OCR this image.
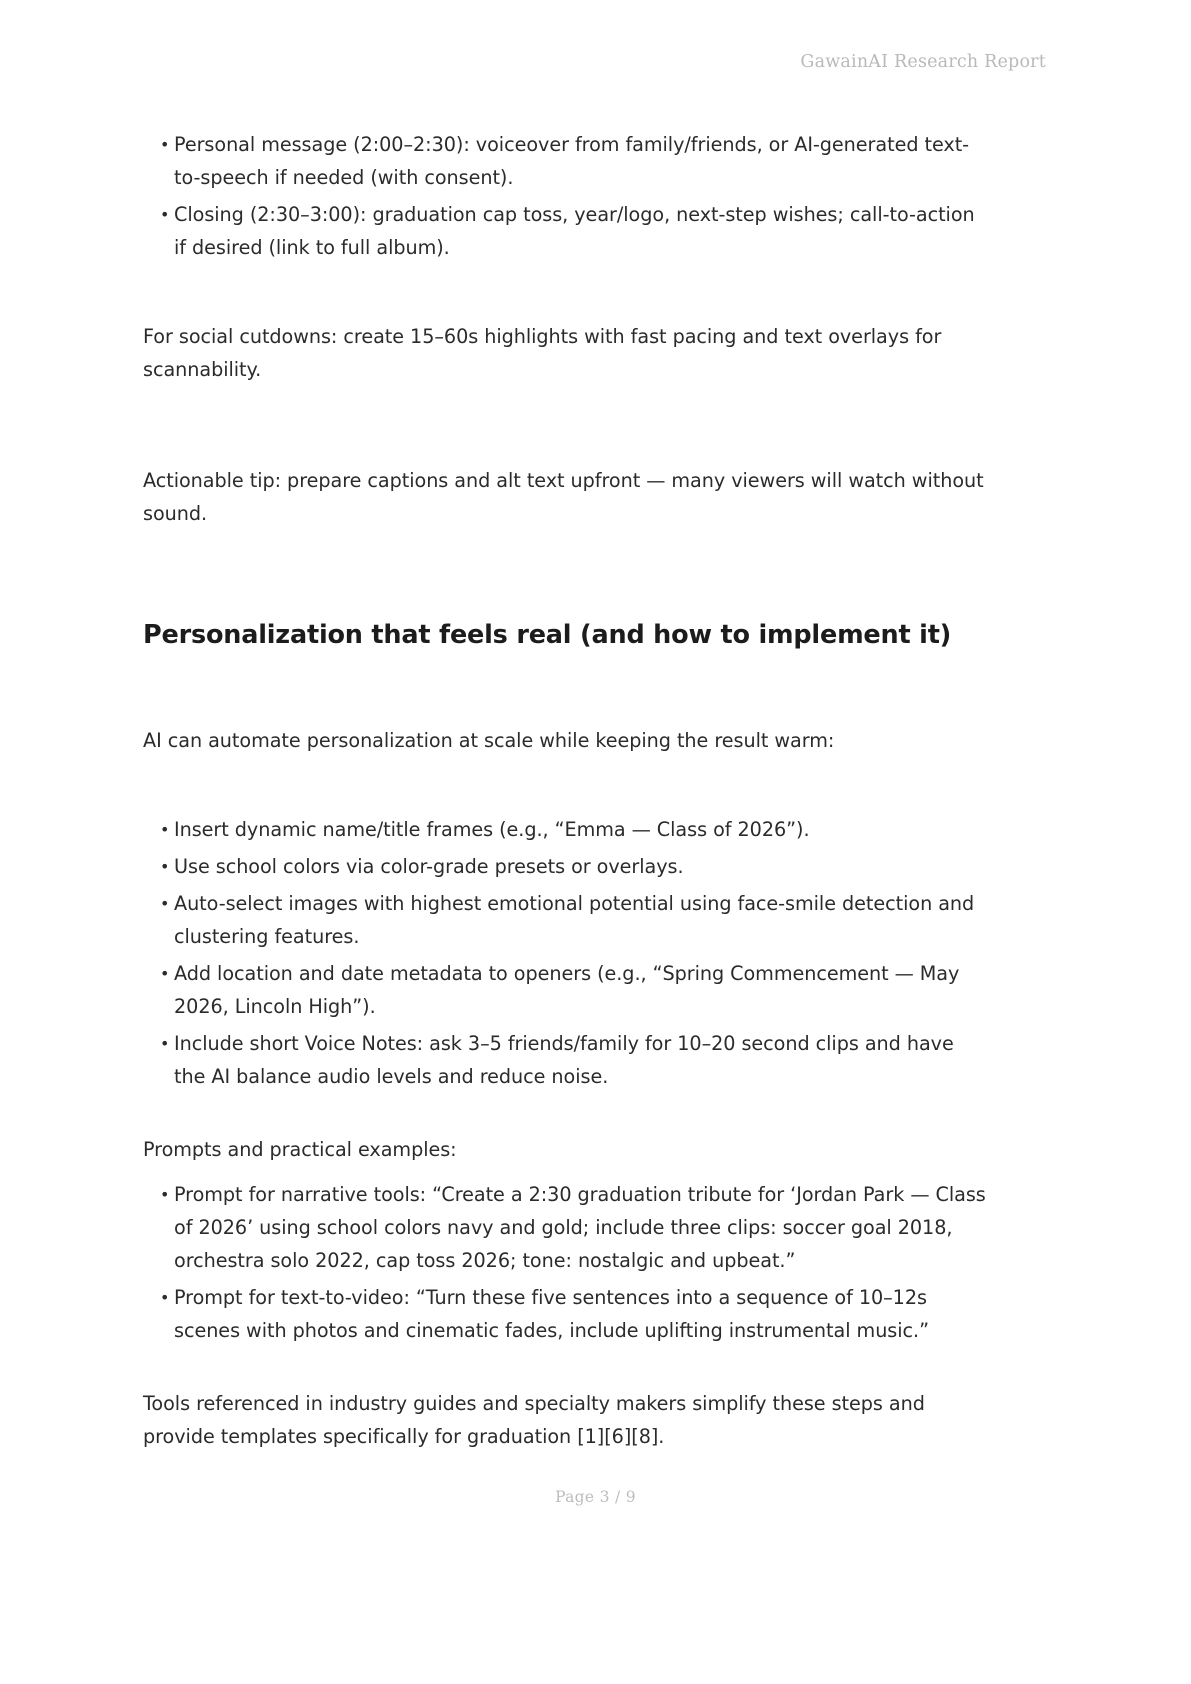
GawainAI Research Report
• Personal message (2:00–2:30): voiceover from family/friends, or AI-generated text-to-speech if needed (with consent).
• Closing (2:30–3:00): graduation cap toss, year/logo, next-step wishes; call-to-action if desired (link to full album).

For social cutdowns: create 15–60s highlights with fast pacing and text overlays for scannability.

Actionable tip: prepare captions and alt text upfront — many viewers will watch without sound.

Personalization that feels real (and how to implement it)

AI can automate personalization at scale while keeping the result warm:

• Insert dynamic name/title frames (e.g., “Emma — Class of 2026”).
• Use school colors via color-grade presets or overlays.
• Auto-select images with highest emotional potential using face-smile detection and clustering features.
• Add location and date metadata to openers (e.g., “Spring Commencement — May 2026, Lincoln High”).
• Include short Voice Notes: ask 3–5 friends/family for 10–20 second clips and have the AI balance audio levels and reduce noise.

Prompts and practical examples:

• Prompt for narrative tools: “Create a 2:30 graduation tribute for ‘Jordan Park — Class of 2026’ using school colors navy and gold; include three clips: soccer goal 2018, orchestra solo 2022, cap toss 2026; tone: nostalgic and upbeat.”
• Prompt for text-to-video: “Turn these five sentences into a sequence of 10–12s scenes with photos and cinematic fades, include uplifting instrumental music.”

Tools referenced in industry guides and specialty makers simplify these steps and provide templates specifically for graduation [1][6][8].

Page 3 / 9
